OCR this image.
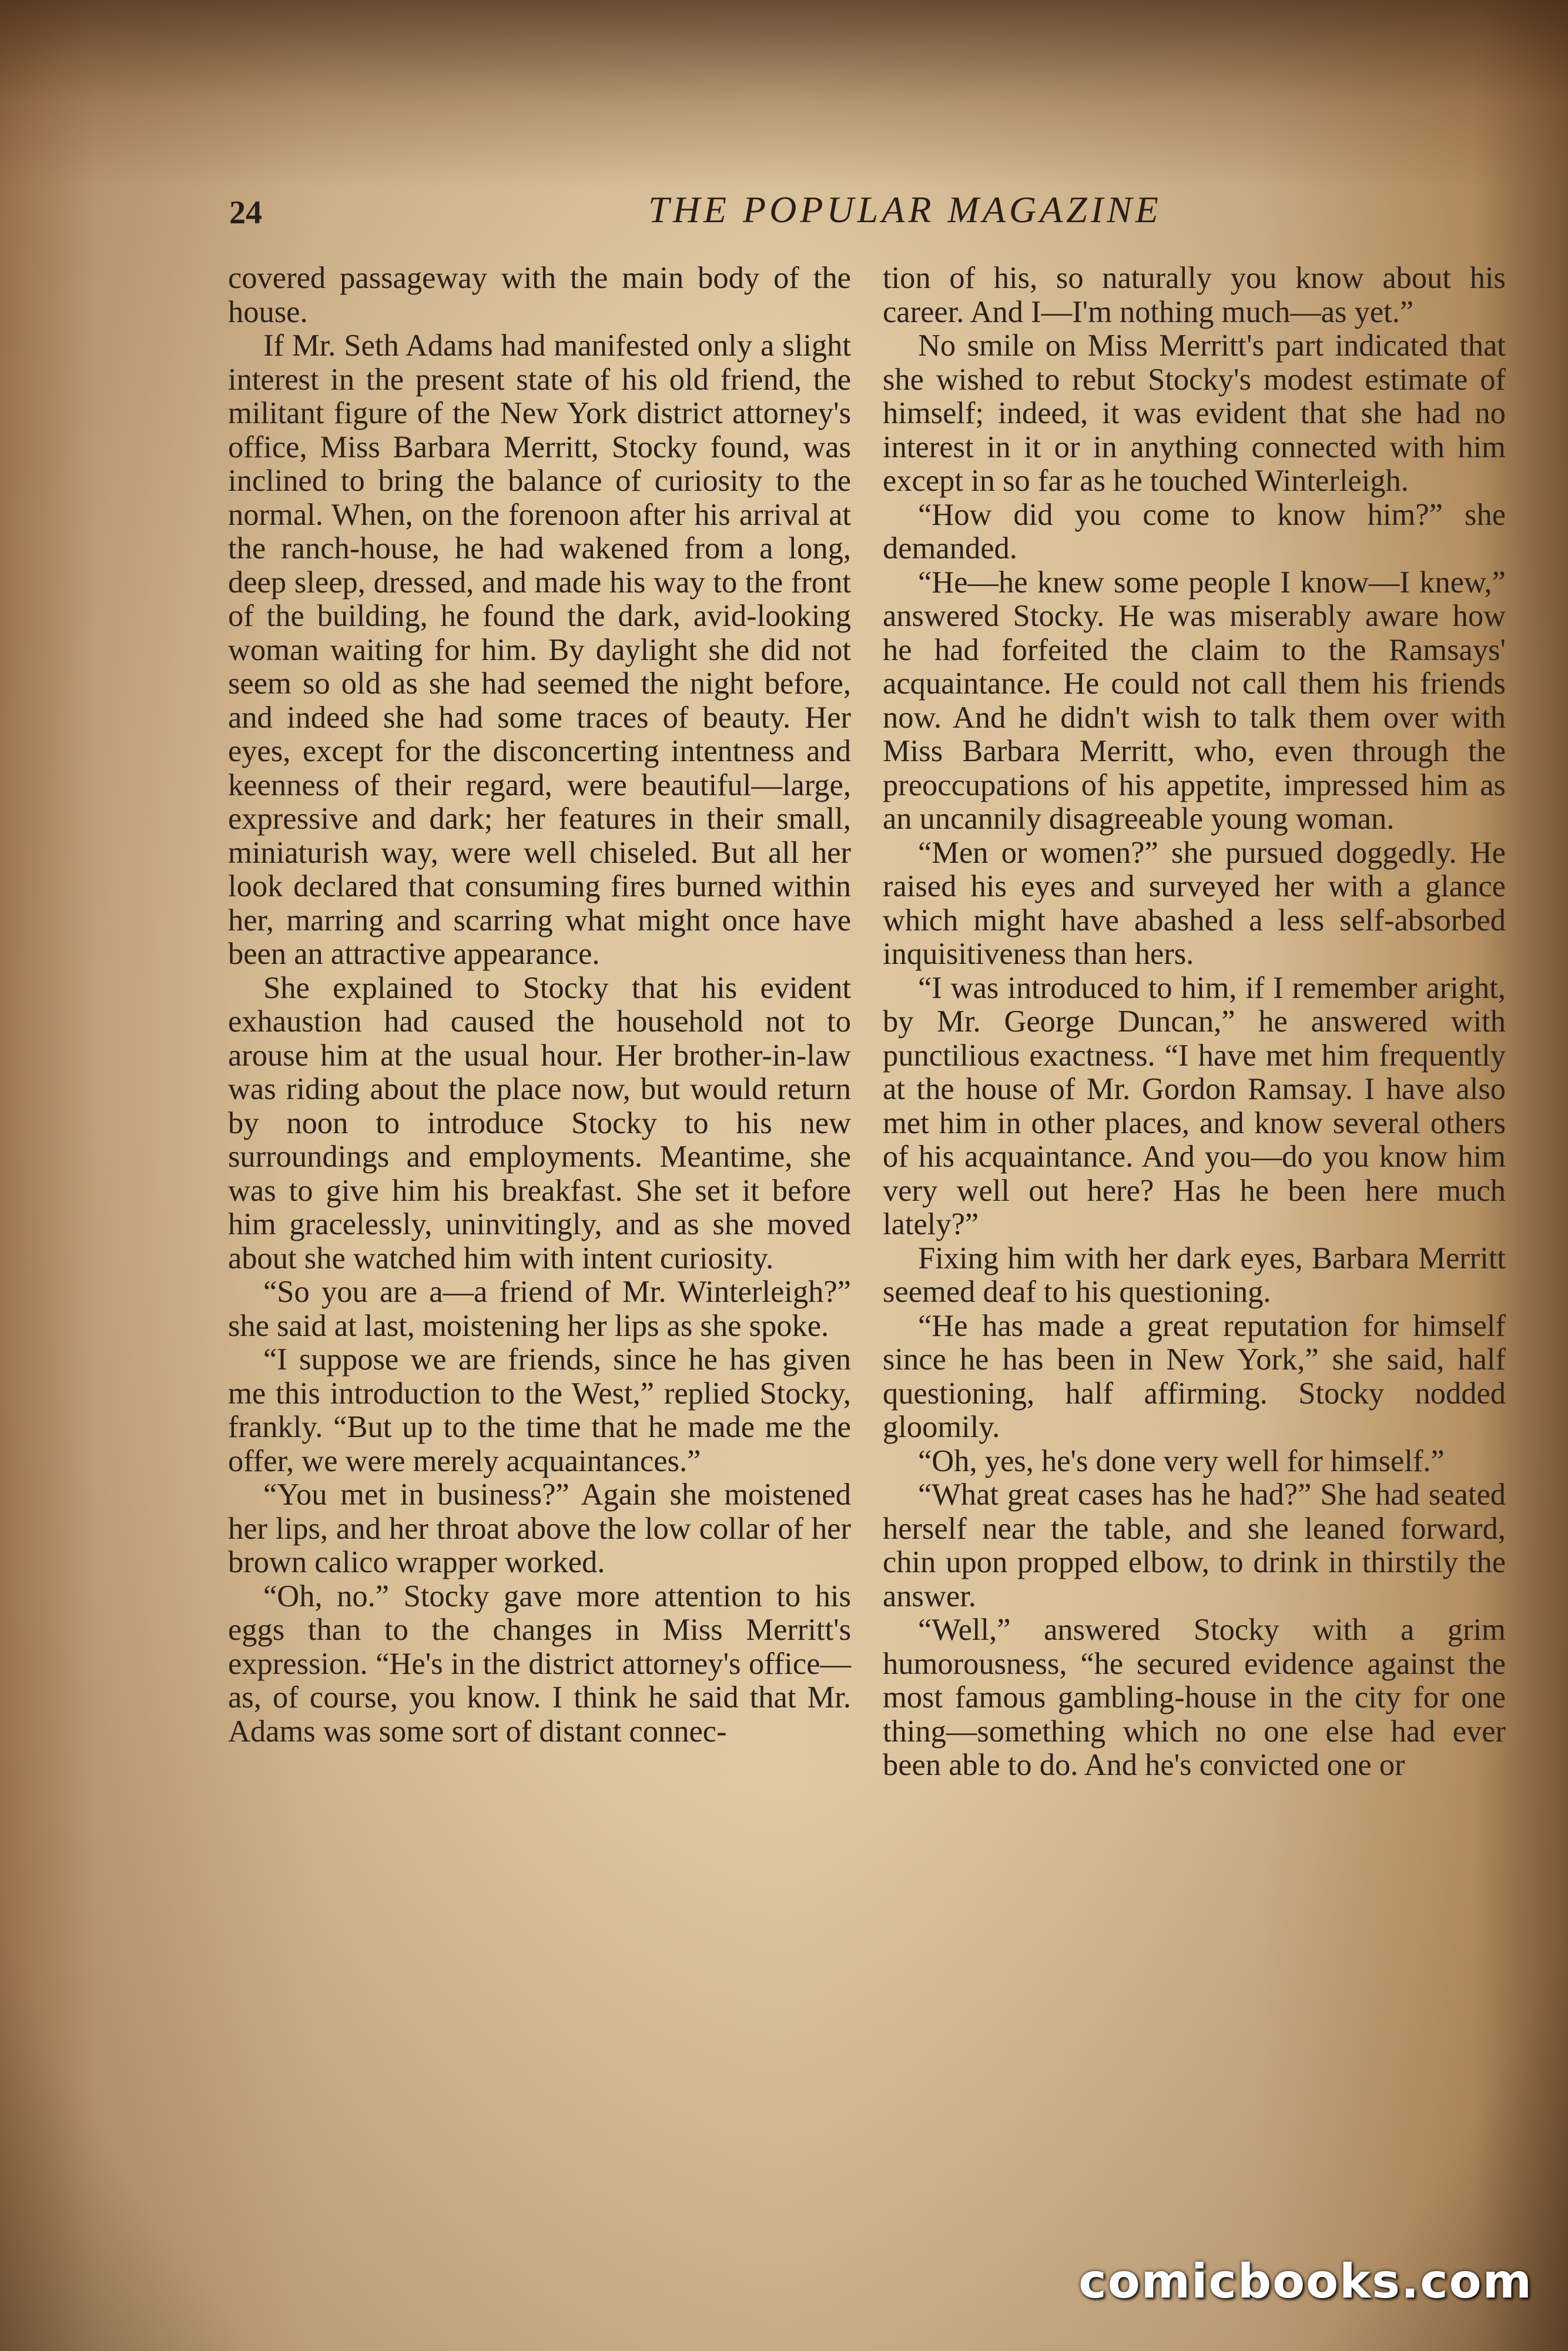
24	THE POPULAR MAGAZINE

covered passageway with the main body of the house.

If Mr. Seth Adams had manifested only a slight interest in the present state of his old friend, the militant figure of the New York district attorney's office, Miss Barbara Merritt, Stocky found, was inclined to bring the balance of curiosity to the normal. When, on the forenoon after his arrival at the ranch-house, he had wakened from a long, deep sleep, dressed, and made his way to the front of the building, he found the dark, avid-looking woman waiting for him. By daylight she did not seem so old as she had seemed the night before, and indeed she had some traces of beauty. Her eyes, except for the disconcerting intentness and keenness of their regard, were beautiful—large, expressive and dark; her features in their small, miniaturish way, were well chiseled. But all her look declared that consuming fires burned within her, marring and scarring what might once have been an attractive appearance.

She explained to Stocky that his evident exhaustion had caused the household not to arouse him at the usual hour. Her brother-in-law was riding about the place now, but would return by noon to introduce Stocky to his new surroundings and employments. Meantime, she was to give him his breakfast. She set it before him gracelessly, uninvitingly, and as she moved about she watched him with intent curiosity.

“So you are a—a friend of Mr. Winterleigh?” she said at last, moistening her lips as she spoke.

“I suppose we are friends, since he has given me this introduction to the West,” replied Stocky, frankly. “But up to the time that he made me the offer, we were merely acquaintances.”

“You met in business?” Again she moistened her lips, and her throat above the low collar of her brown calico wrapper worked.

“Oh, no.” Stocky gave more attention to his eggs than to the changes in Miss Merritt's expression. “He's in the district attorney's office—as, of course, you know. I think he said that Mr. Adams was some sort of distant connec-

tion of his, so naturally you know about his career. And I—I'm nothing much—as yet.”

No smile on Miss Merritt's part indicated that she wished to rebut Stocky's modest estimate of himself; indeed, it was evident that she had no interest in it or in anything connected with him except in so far as he touched Winterleigh.

“How did you come to know him?” she demanded.

“He—he knew some people I know—I knew,” answered Stocky. He was miserably aware how he had forfeited the claim to the Ramsays' acquaintance. He could not call them his friends now. And he didn't wish to talk them over with Miss Barbara Merritt, who, even through the preoccupations of his appetite, impressed him as an uncannily disagreeable young woman.

“Men or women?” she pursued doggedly. He raised his eyes and surveyed her with a glance which might have abashed a less self-absorbed inquisitiveness than hers.

“I was introduced to him, if I remember aright, by Mr. George Duncan,” he answered with punctilious exactness. “I have met him frequently at the house of Mr. Gordon Ramsay. I have also met him in other places, and know several others of his acquaintance. And you—do you know him very well out here? Has he been here much lately?”

Fixing him with her dark eyes, Barbara Merritt seemed deaf to his questioning.

“He has made a great reputation for himself since he has been in New York,” she said, half questioning, half affirming. Stocky nodded gloomily.

“Oh, yes, he's done very well for himself.”

“What great cases has he had?” She had seated herself near the table, and she leaned forward, chin upon propped elbow, to drink in thirstily the answer.

“Well,” answered Stocky with a grim humorousness, “he secured evidence against the most famous gambling-house in the city for one thing—something which no one else had ever been able to do. And he's convicted one or

comicbooks.com
